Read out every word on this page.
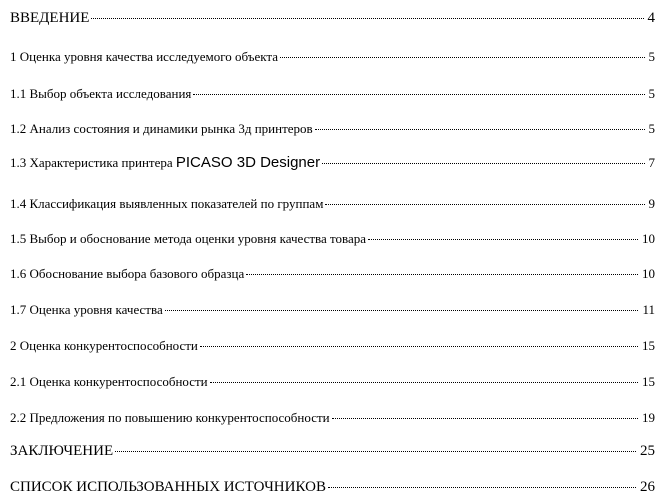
ВВЕДЕНИЕ	4
1 Оценка уровня качества исследуемого объекта	5
1.1 Выбор объекта исследования	5
1.2 Анализ состояния и динамики рынка 3д принтеров	5
1.3 Характеристика принтера PICASO 3D Designer	7
1.4 Классификация выявленных показателей по группам	9
1.5 Выбор и обоснование метода оценки уровня качества товара	10
1.6 Обоснование выбора базового образца	10
1.7 Оценка уровня качества	11
2 Оценка конкурентоспособности	15
2.1 Оценка конкурентоспособности	15
2.2 Предложения по повышению конкурентоспособности	19
ЗАКЛЮЧЕНИЕ	25
СПИСОК ИСПОЛЬЗОВАННЫХ ИСТОЧНИКОВ	26
